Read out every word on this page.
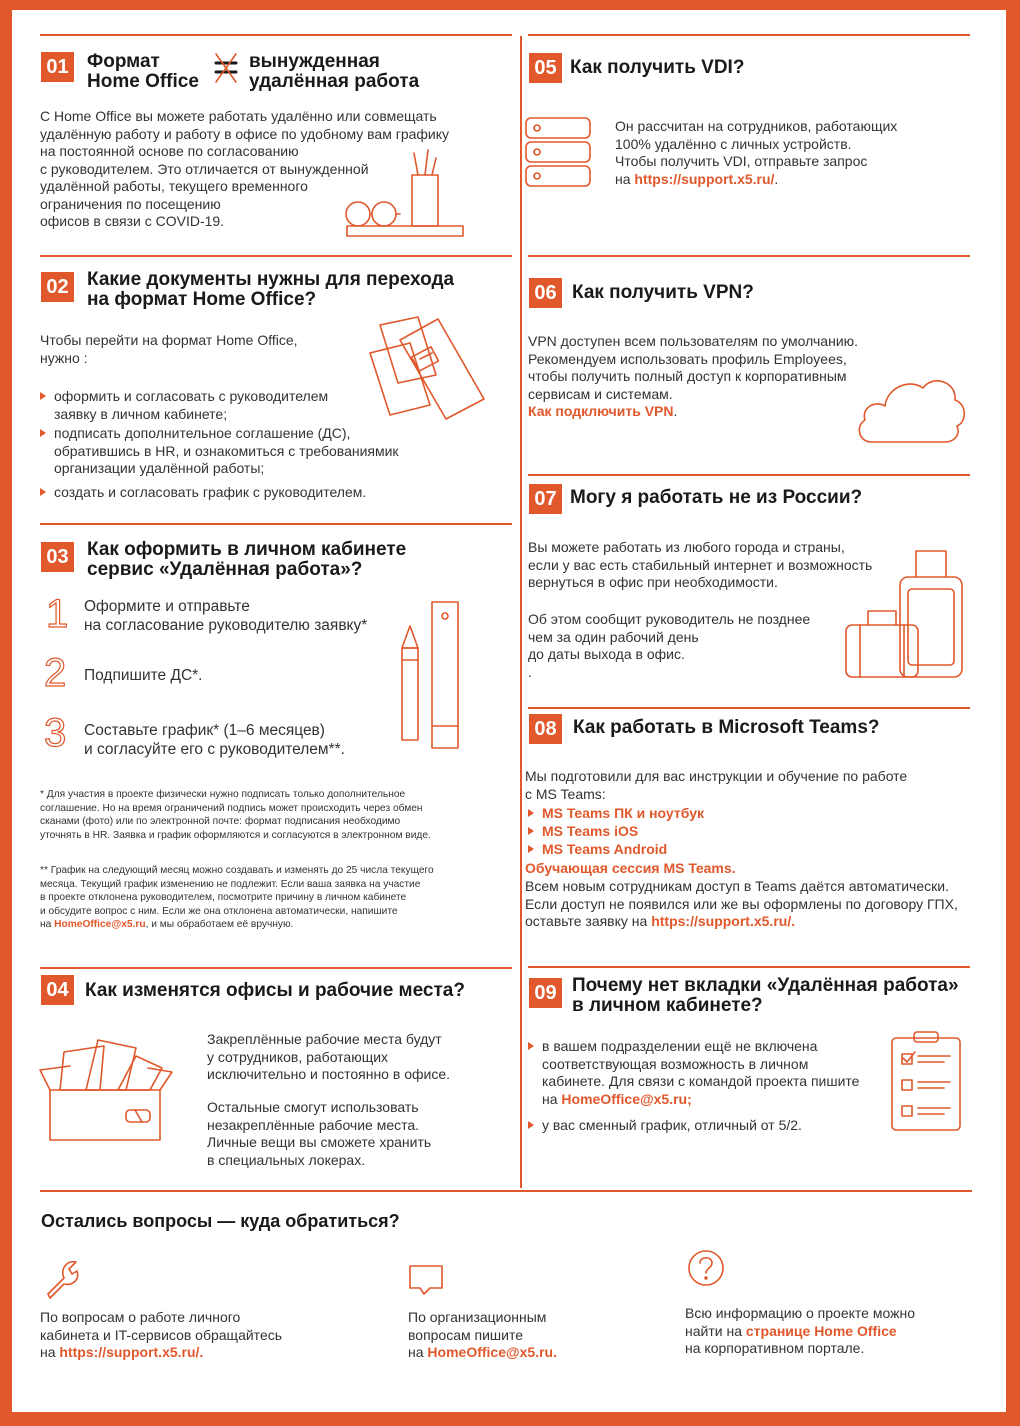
01 Формат
Home Office
вынужденная
удалённая работа
С Home Office вы можете работать удалённо или совмещать
удалённую работу и работу в офисе по удобному вам графику
на постоянной основе по согласованию
с руководителем. Это отличается от вынужденной
удалённой работы, текущего временного
ограничения по посещению
офисов в связи с COVID-19.
02 Какие документы нужны для перехода
на формат Home Office?
Чтобы перейти на формат Home Office,
нужно :
оформить и согласовать с руководителем
заявку в личном кабинете;
подписать дополнительное соглашение (ДС),
обратившись в HR, и ознакомиться с требованиямик
организации удалённой работы;
создать и согласовать график с руководителем.
03 Как оформить в личном кабинете
сервис «Удалённая работа»?
1 Оформите и отправьте
на согласование руководителю заявку*
2 Подпишите ДС*.
3 Составьте график* (1–6 месяцев)
и согласуйте его с руководителем**.
* Для участия в проекте физически нужно подписать только дополнительное
соглашение. Но на время ограничений подпись может происходить через обмен
сканами (фото) или по электронной почте: формат подписания необходимо
уточнять в HR. Заявка и график оформляются и согласуются в электронном виде.
** График на следующий месяц можно создавать и изменять до 25 числа текущего
месяца. Текущий график изменению не подлежит. Если ваша заявка на участие
в проекте отклонена руководителем, посмотрите причину в личном кабинете
и обсудите вопрос с ним. Если же она отклонена автоматически, напишите
на HomeOffice@x5.ru, и мы обработаем её вручную.
04 Как изменятся офисы и рабочие места?
Закреплённые рабочие места будут
у сотрудников, работающих
исключительно и постоянно в офисе.
Остальные смогут использовать
незакреплённые рабочие места.
Личные вещи вы сможете хранить
в специальных локерах.
05 Как получить VDI?
Он рассчитан на сотрудников, работающих
100% удалённо с личных устройств.
Чтобы получить VDI, отправьте запрос
на https://support.x5.ru/.
06 Как получить VPN?
VPN доступен всем пользователям по умолчанию.
Рекомендуем использовать профиль Employees,
чтобы получить полный доступ к корпоративным
сервисам и системам.
Как подключить VPN.
07 Могу я работать не из России?
Вы можете работать из любого города и страны,
если у вас есть стабильный интернет и возможность
вернуться в офис при необходимости.
Об этом сообщит руководитель не позднее
чем за один рабочий день
до даты выхода в офис.
.
08 Как работать в Microsoft Teams?
Мы подготовили для вас инструкции и обучение по работе
с MS Teams:
MS Teams ПК и ноутбук
MS Teams iOS
MS Teams Android
Обучающая сессия MS Teams.
Всем новым сотрудникам доступ в Teams даётся автоматически.
Если доступ не появился или же вы оформлены по договору ГПХ,
оставьте заявку на https://support.x5.ru/.
09 Почему нет вкладки «Удалённая работа»
в личном кабинете?
в вашем подразделении ещё не включена
соответствующая возможность в личном
кабинете. Для связи с командой проекта пишите
на HomeOffice@x5.ru;
у вас сменный график, отличный от 5/2.
Остались вопросы — куда обратиться?
По вопросам о работе личного
кабинета и IT-сервисов обращайтесь
на https://support.x5.ru/.
По организационным
вопросам пишите
на HomeOffice@x5.ru.
Всю информацию о проекте можно
найти на странице Home Office
на корпоративном портале.
